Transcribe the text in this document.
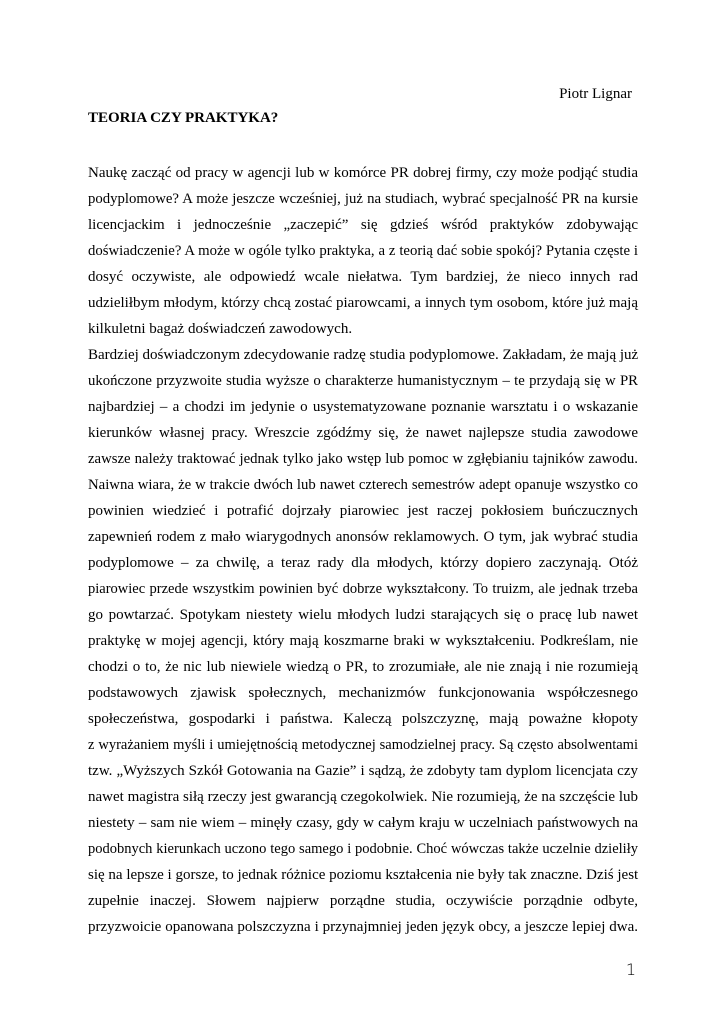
Piotr Lignar
TEORIA CZY PRAKTYKA?
Naukę zacząć od pracy w agencji lub w komórce PR dobrej firmy, czy może podjąć studia
podyplomowe? A może jeszcze wcześniej, już na studiach, wybrać specjalność PR na kursie
licencjackim i jednocześnie „zaczepić” się gdzieś wśród praktyków zdobywając
doświadczenie? A może w ogóle tylko praktyka, a z teorią dać sobie spokój? Pytania częste i
dosyć oczywiste, ale odpowiedź wcale niełatwa. Tym bardziej, że nieco innych rad
udzieliłbym młodym, którzy chcą zostać piarowcami, a innych tym osobom, które już mają
kilkuletni bagaż doświadczeń zawodowych.
Bardziej doświadczonym zdecydowanie radzę studia podyplomowe. Zakładam, że mają już
ukończone przyzwoite studia wyższe o charakterze humanistycznym – te przydają się w PR
najbardziej – a chodzi im jedynie o usystematyzowane poznanie warsztatu i o wskazanie
kierunków własnej pracy. Wreszcie zgódźmy się, że nawet najlepsze studia zawodowe
zawsze należy traktować jednak tylko jako wstęp lub pomoc w zgłębianiu tajników zawodu.
Naiwna wiara, że w trakcie dwóch lub nawet czterech semestrów adept opanuje wszystko co
powinien wiedzieć i potrafić dojrzały piarowiec jest raczej pokłosiem buńczucznych
zapewnień rodem z mało wiarygodnych anonsów reklamowych. O tym, jak wybrać studia
podyplomowe – za chwilę, a teraz rady dla młodych, którzy dopiero zaczynają. Otóż
piarowiec przede wszystkim powinien być dobrze wykształcony. To truizm, ale jednak trzeba
go powtarzać. Spotykam niestety wielu młodych ludzi starających się o pracę lub nawet
praktykę w mojej agencji, który mają koszmarne braki w wykształceniu. Podkreślam, nie
chodzi o to, że nic lub niewiele wiedzą o PR, to zrozumiałe, ale nie znają i nie rozumieją
podstawowych zjawisk społecznych, mechanizmów funkcjonowania współczesnego
społeczeństwa, gospodarki i państwa. Kaleczą polszczyznę, mają poważne kłopoty
z wyrażaniem myśli i umiejętnością metodycznej samodzielnej pracy. Są często absolwentami
tzw. „Wyższych Szkół Gotowania na Gazie” i sądzą, że zdobyty tam dyplom licencjata czy
nawet magistra siłą rzeczy jest gwarancją czegokolwiek. Nie rozumieją, że na szczęście lub
niestety – sam nie wiem – minęły czasy, gdy w całym kraju w uczelniach państwowych na
podobnych kierunkach uczono tego samego i podobnie. Choć wówczas także uczelnie dzieliły
się na lepsze i gorsze, to jednak różnice poziomu kształcenia nie były tak znaczne. Dziś jest
zupełnie inaczej. Słowem najpierw porządne studia, oczywiście porządnie odbyte,
przyzwoicie opanowana polszczyzna i przynajmniej jeden język obcy, a jeszcze lepiej dwa.
1
